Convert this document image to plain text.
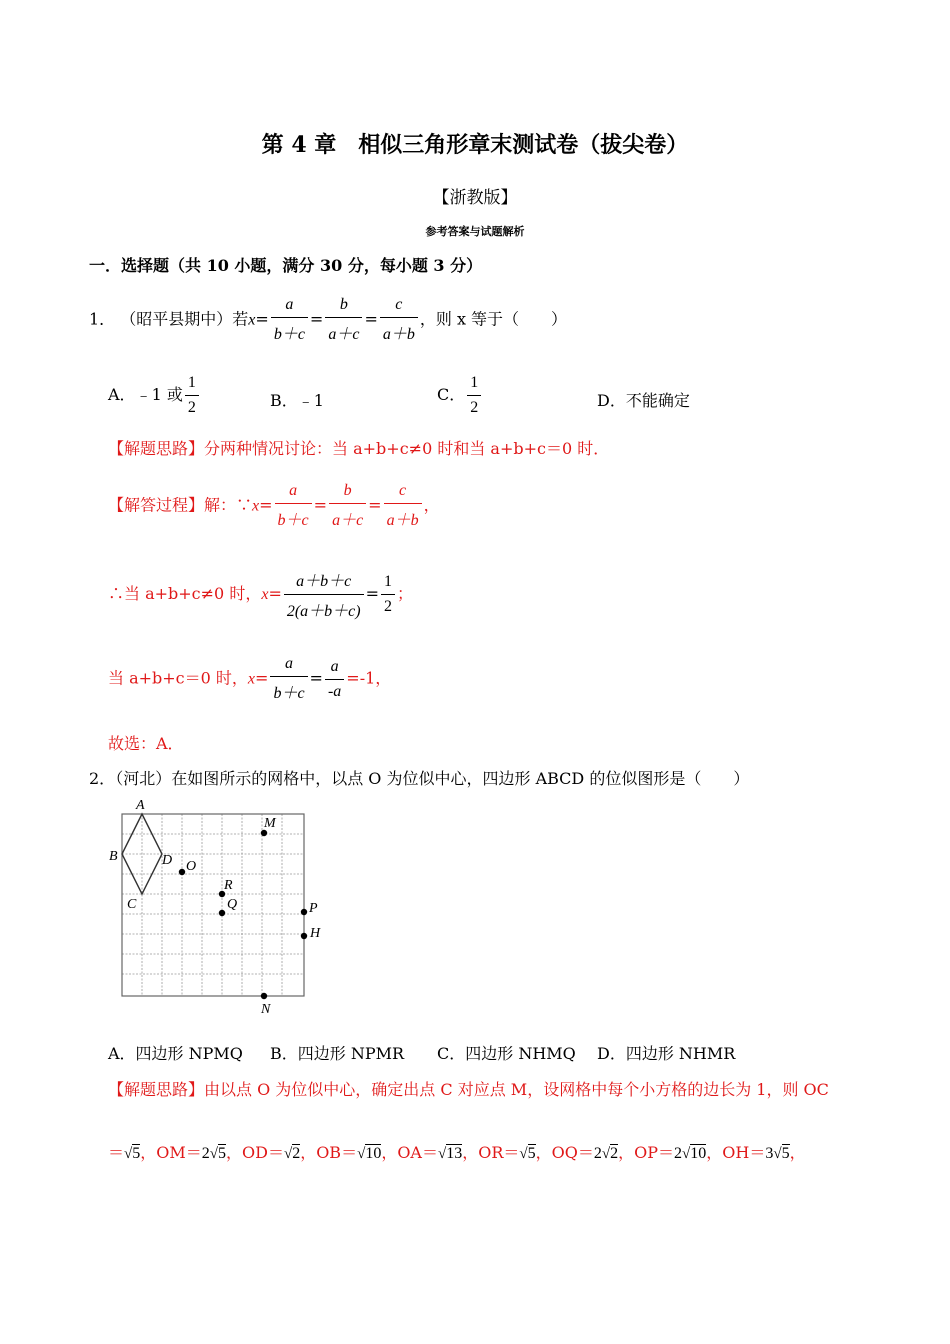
第 4 章　相似三角形章末测试卷（拔尖卷）
【浙教版】
参考答案与试题解析
一．选择题（共 10 小题，满分 30 分，每小题 3 分）
1． （昭平县期中）若$x= \frac{a}{b+c} = \frac{b}{a+c} = \frac{c}{a+b}$ ，则 x 等于（　　）
A．﹣1 或 $\frac{1}{2}$	B．﹣1	C． $\frac{1}{2}$	D．不能确定
【解题思路】分两种情况讨论：当 a+b+c≠0 时和当 a+b+c＝0 时．
【解答过程】解：∵x= $\frac{a}{b+c} = \frac{b}{a+c} = \frac{c}{a+b}$ ，
∴当 a+b+c≠0 时，$x= \frac{a+b+c}{2(a+b+c)} = \frac{1}{2}$ ；
当 a+b+c＝0 时，$x= \frac{a}{b+c} = \frac{a}{-a} =-1$，
故选：A．
2．（河北）在如图所示的网格中，以点 O 为位似中心，四边形 ABCD 的位似图形是（　　）
A
B
C
D O
M
R
Q	P
H
N
A．四边形 NPMQ B．四边形 NPMR C．四边形 NHMQ D．四边形 NHMR
【解题思路】由以点 O 为位似中心，确定出点 C 对应点 M，设网格中每个小方格的边长为 1，则 OC
＝√5，OM＝2√5，OD＝√2，OB＝√10，OA＝√13，OR＝√5，OQ＝2√2，OP＝2√10，OH＝3√5，
